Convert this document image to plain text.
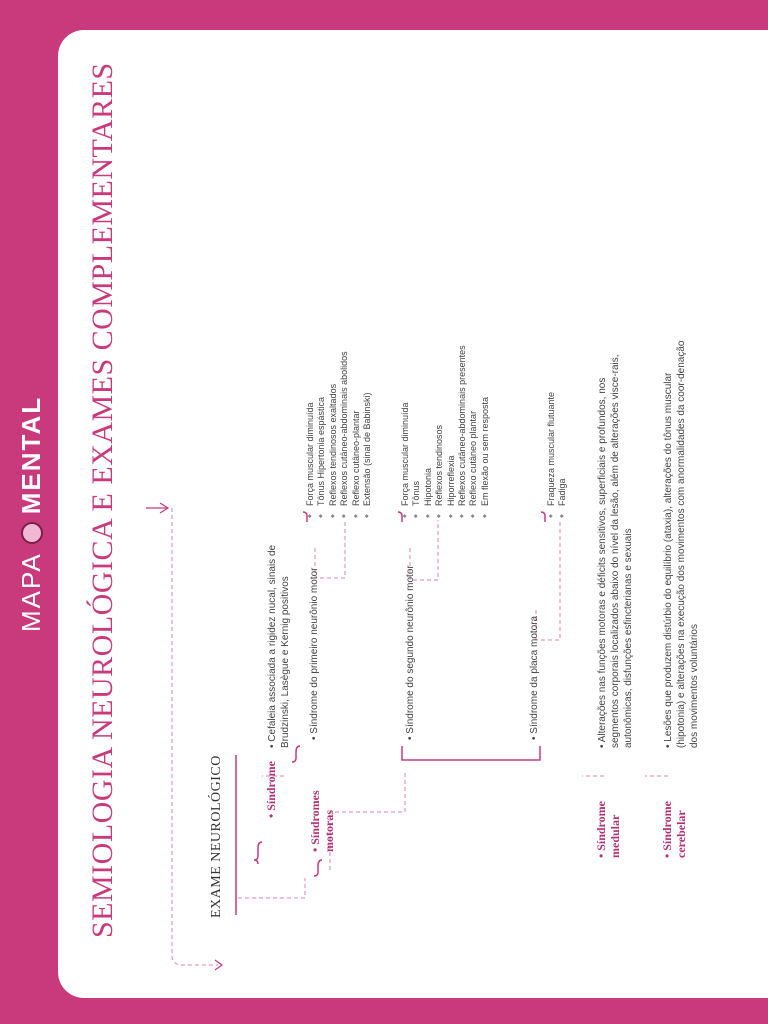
MAPAMENTAL SEMIOLOGIA NEUROLÓGICA E EXAMES COMPLEMENTARES	EXAME NEUROLÓGICO	• Síndrome
• Cefaleia associada a rigidez nucal, sinais de Brudzinski, Lasègue e Kernig positivos
• Síndromes motoras
• Síndrome do primeiro neurônio motor
◆ Força muscular diminuída ◆ Tônus Hipertonia espástica ◆ Reflexos tendinosos exaltados ◆ Reflexos cutâneo-abdominais abolidos ◆ Reflexo cutâneo-plantar ◆ Extensão (sinal de Babinski)
• Síndrome do segundo neurônio motor
◆ Força muscular diminuída ◆ Tônus ◆ Hipotonia ◆ Reflexos tendinosos ◆ Hiporreflexia ◆ Reflexos cutâneo-abdominais presentes ◆ Reflexo cutâneo plantar ◆ Em flexão ou sem resposta
• Síndrome da placa motora
◆ Fraqueza muscular flutuante ◆ Fadiga
• Síndrome medular
• Alterações nas funções motoras e déficits sensitivos, superficiais e profundos, nos segmentos corporais localizados abaixo do nível da lesão, além de alterações visce-rais, autonômicas, disfunções esfincterianas e sexuais
• Síndrome cerebelar
• Lesões que produzem distúrbio do equilíbrio (ataxia), alterações do tônus muscular (hipotonia) e alterações na execução dos movimentos com anormalidades da coor-denação dos movimentos voluntários
